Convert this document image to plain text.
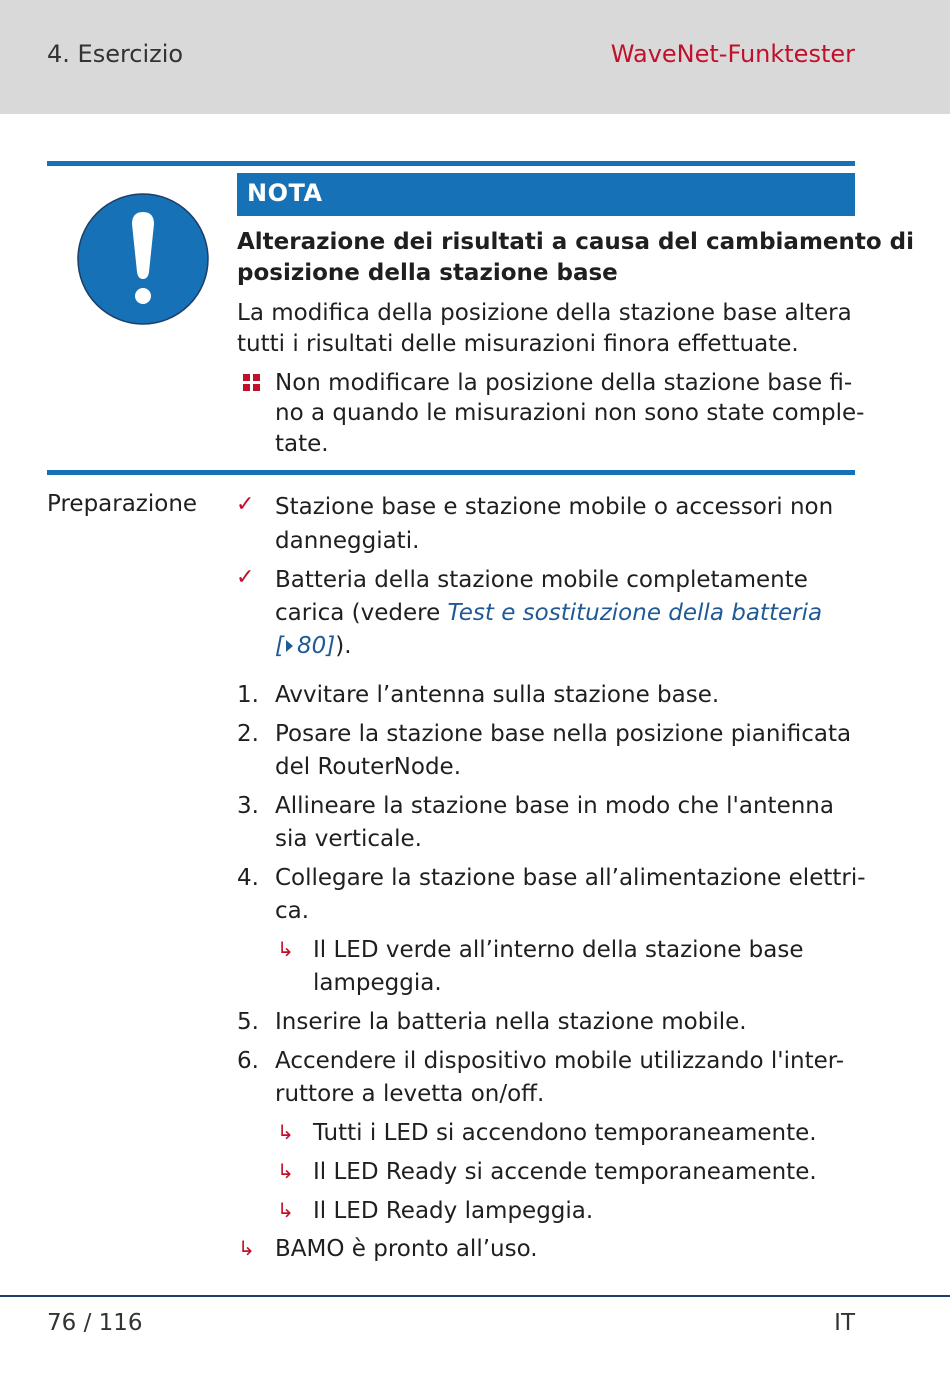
4. Esercizio	WaveNet-Funktester
NOTA
Alterazione dei risultati a causa del cambiamento di
posizione della stazione base
La modifica della posizione della stazione base altera
tutti i risultati delle misurazioni finora effettuate.
Non modificare la posizione della stazione base fi-
no a quando le misurazioni non sono state comple-
tate.
Preparazione ✓ Stazione base e stazione mobile o accessori non
danneggiati.
✓ Batteria della stazione mobile completamente
carica (vedere Test e sostituzione della batteria
[ 80]).
1. Avvitare l’antenna sulla stazione base.
2. Posare la stazione base nella posizione pianificata
del RouterNode.
3. Allineare la stazione base in modo che l'antenna
sia verticale.
4. Collegare la stazione base all’alimentazione elettri-
ca.
↳ Il LED verde all’interno della stazione base
lampeggia.
5. Inserire la batteria nella stazione mobile.
6. Accendere il dispositivo mobile utilizzando l'inter-
ruttore a levetta on/off.
↳ Tutti i LED si accendono temporaneamente.
↳ Il LED Ready si accende temporaneamente.
↳ Il LED Ready lampeggia.
↳ BAMO è pronto all’uso.
76 / 116	IT
